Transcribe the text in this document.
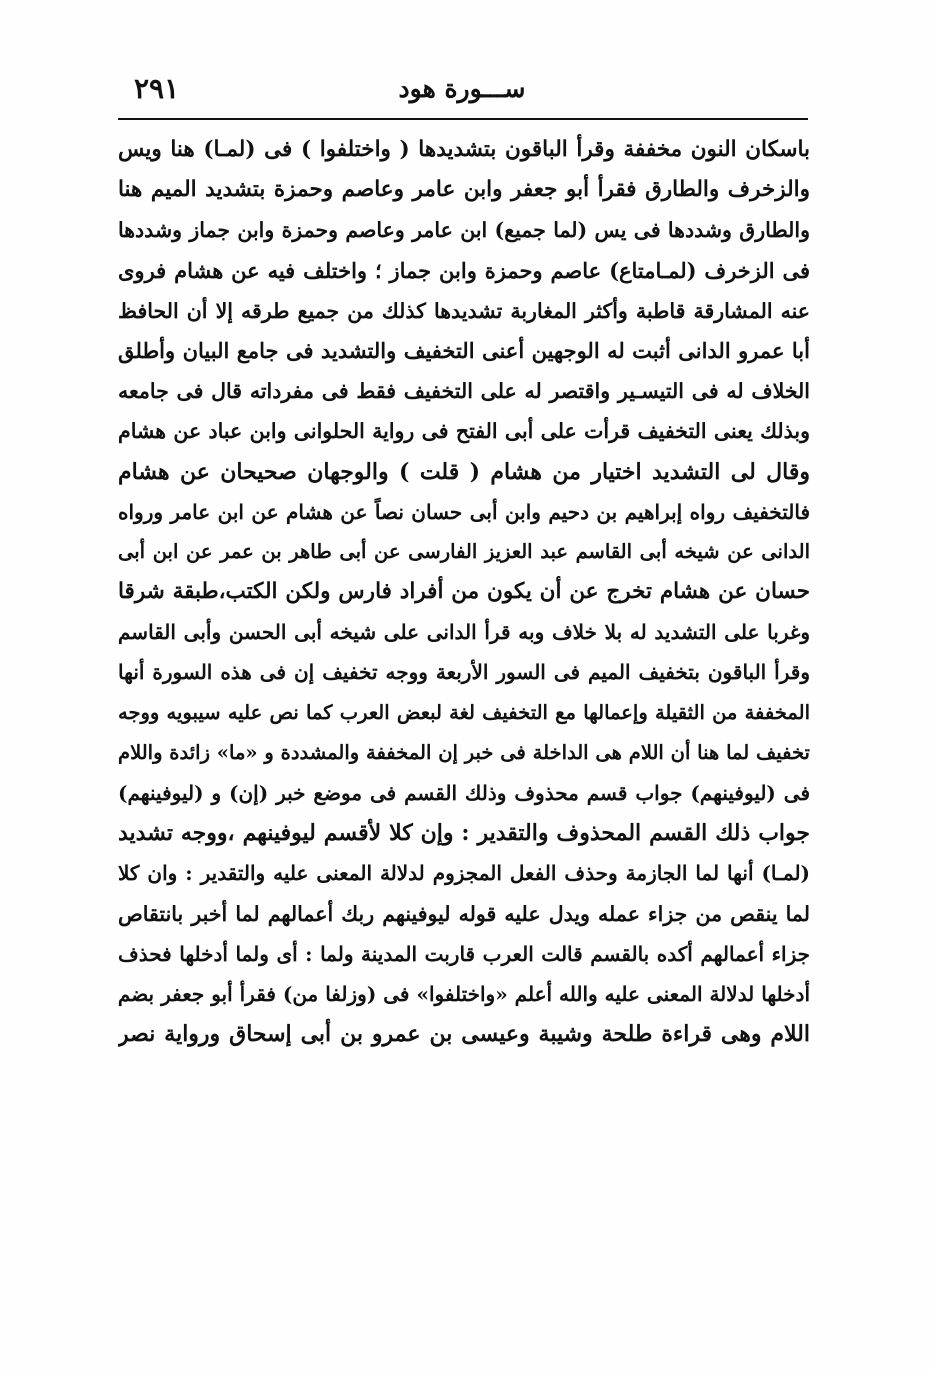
٢٩١	ســـورة هود
باسكان النون مخففة وقرأ الباقون بتشديدها ( واختلفوا ) فى (لمـا) هنا ويس
والزخرف والطارق فقرأ أبو جعفر وابن عامر وعاصم وحمزة بتشديد الميم هنا
والطارق وشددها فى يس (لما جميع) ابن عامر وعاصم وحمزة وابن جماز وشددها
فى الزخرف (لمـامتاع) عاصم وحمزة وابن جماز ؛ واختلف فيه عن هشام فروى
عنه المشارقة قاطبة وأكثر المغاربة تشديدها كذلك من جميع طرقه إلا أن الحافظ
أبا عمرو الدانى أثبت له الوجهين أعنى التخفيف والتشديد فى جامع البيان وأطلق
الخلاف له فى التيسـير واقتصر له على التخفيف فقط فى مفرداته قال فى جامعه
وبذلك يعنى التخفيف قرأت على أبى الفتح فى رواية الحلوانى وابن عباد عن هشام
وقال لى التشديد اختيار من هشام ( قلت ) والوجهان صحيحان عن هشام
فالتخفيف رواه إبراهيم بن دحيم وابن أبى حسان نصاً عن هشام عن ابن عامر ورواه
الدانى عن شيخه أبى القاسم عبد العزيز الفارسى عن أبى طاهر بن عمر عن ابن أبى
حسان عن هشام تخرج عن أن يكون من أفراد فارس ولكن الكتب،طبقة شرقا
وغربا على التشديد له بلا خلاف وبه قرأ الدانى على شيخه أبى الحسن وأبى القاسم
وقرأ الباقون بتخفيف الميم فى السور الأربعة ووجه تخفيف إن فى هذه السورة أنها
المخففة من الثقيلة وإعمالها مع التخفيف لغة لبعض العرب كما نص عليه سيبويه ووجه
تخفيف لما هنا أن اللام هى الداخلة فى خبر إن المخففة والمشددة و «ما» زائدة واللام
فى (ليوفينهم) جواب قسم محذوف وذلك القسم فى موضع خبر (إن) و (ليوفينهم)
جواب ذلك القسم المحذوف والتقدير : وإن كلا لأقسم ليوفينهم ،ووجه تشديد
(لمـا) أنها لما الجازمة وحذف الفعل المجزوم لدلالة المعنى عليه والتقدير : وان كلا
لما ينقص من جزاء عمله ويدل عليه قوله ليوفينهم ربك أعمالهم لما أخبر بانتقاص
جزاء أعمالهم أكده بالقسم قالت العرب قاربت المدينة ولما : أى ولما أدخلها فحذف
أدخلها لدلالة المعنى عليه والله أعلم «واختلفوا» فى (وزلفا من) فقرأ أبو جعفر بضم
اللام وهى قراءة طلحة وشيبة وعيسى بن عمرو بن أبى إسحاق ورواية نصر
